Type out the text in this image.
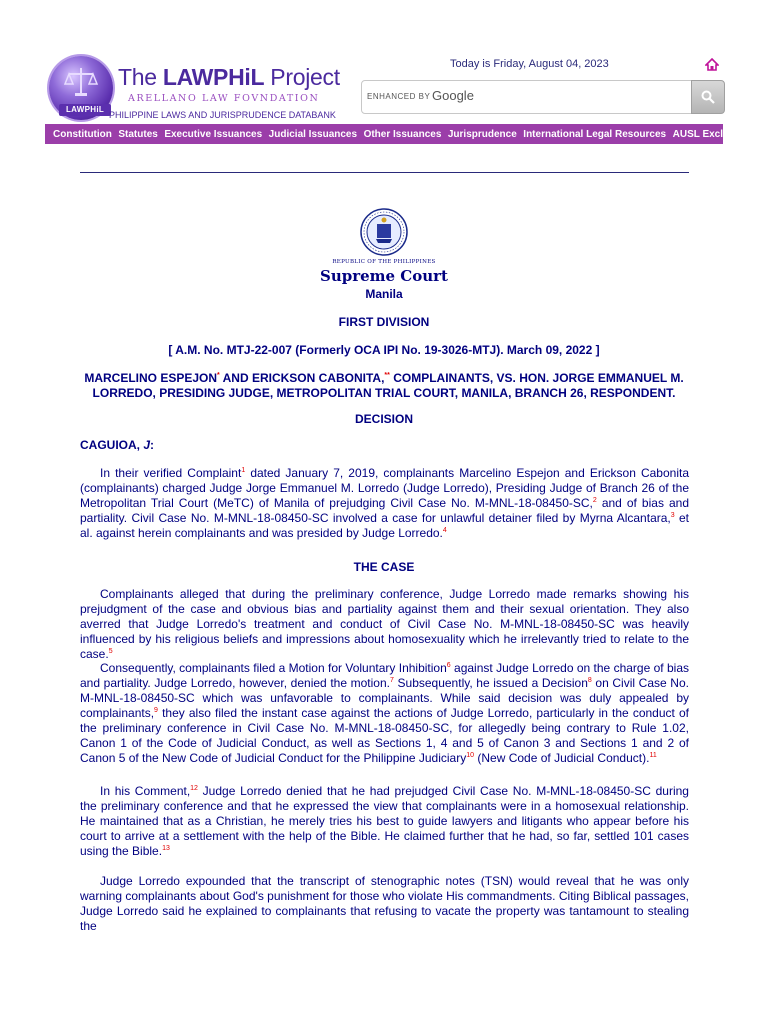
LAWPHiL
The LAWPHiL Project
ARELLANO LAW FOVNDATION
PHILIPPINE LAWS AND JURISPRUDENCE DATABANK
Today is Friday, August 04, 2023
ENHANCED BY Google
Constitution Statutes Executive Issuances Judicial Issuances Other Issuances Jurisprudence International Legal Resources AUSL Exclusive
REPUBLIC OF THE PHILIPPINES
Supreme Court
Manila
FIRST DIVISION
[ A.M. No. MTJ-22-007 (Formerly OCA IPI No. 19-3026-MTJ). March 09, 2022 ]
MARCELINO ESPEJON* AND ERICKSON CABONITA,** COMPLAINANTS, VS. HON. JORGE EMMANUEL M. LORREDO, PRESIDING JUDGE, METROPOLITAN TRIAL COURT, MANILA, BRANCH 26, RESPONDENT.
DECISION
CAGUIOA, J:

In their verified Complaint$^1$ dated January 7, 2019, complainants Marcelino Espejon and Erickson Cabonita (complainants) charged Judge Jorge Emmanuel M. Lorredo (Judge Lorredo), Presiding Judge of Branch 26 of the Metropolitan Trial Court (MeTC) of Manila of prejudging Civil Case No. M-MNL-18-08450-SC,$^2$ and of bias and partiality. Civil Case No. M-MNL-18-08450-SC involved a case for unlawful detainer filed by Myrna Alcantara,$^3$ et al. against herein complainants and was presided by Judge Lorredo.$^4$

THE CASE

Complainants alleged that during the preliminary conference, Judge Lorredo made remarks showing his prejudgment of the case and obvious bias and partiality against them and their sexual orientation. They also averred that Judge Lorredo's treatment and conduct of Civil Case No. M-MNL-18-08450-SC was heavily influenced by his religious beliefs and impressions about homosexuality which he irrelevantly tried to relate to the case.$^5$

Consequently, complainants filed a Motion for Voluntary Inhibition$^6$ against Judge Lorredo on the charge of bias and partiality. Judge Lorredo, however, denied the motion.$^7$ Subsequently, he issued a Decision$^8$ on Civil Case No. M-MNL-18-08450-SC which was unfavorable to complainants. While said decision was duly appealed by complainants,$^9$ they also filed the instant case against the actions of Judge Lorredo, particularly in the conduct of the preliminary conference in Civil Case No. M-MNL-18-08450-SC, for allegedly being contrary to Rule 1.02, Canon 1 of the Code of Judicial Conduct, as well as Sections 1, 4 and 5 of Canon 3 and Sections 1 and 2 of Canon 5 of the New Code of Judicial Conduct for the Philippine Judiciary$^{10}$ (New Code of Judicial Conduct).$^{11}$

In his Comment,$^{12}$ Judge Lorredo denied that he had prejudged Civil Case No. M-MNL-18-08450-SC during the preliminary conference and that he expressed the view that complainants were in a homosexual relationship. He maintained that as a Christian, he merely tries his best to guide lawyers and litigants who appear before his court to arrive at a settlement with the help of the Bible. He claimed further that he had, so far, settled 101 cases using the Bible.$^{13}$

Judge Lorredo expounded that the transcript of stenographic notes (TSN) would reveal that he was only warning complainants about God's punishment for those who violate His commandments. Citing Biblical passages, Judge Lorredo said he explained to complainants that refusing to vacate the property was tantamount to stealing the
